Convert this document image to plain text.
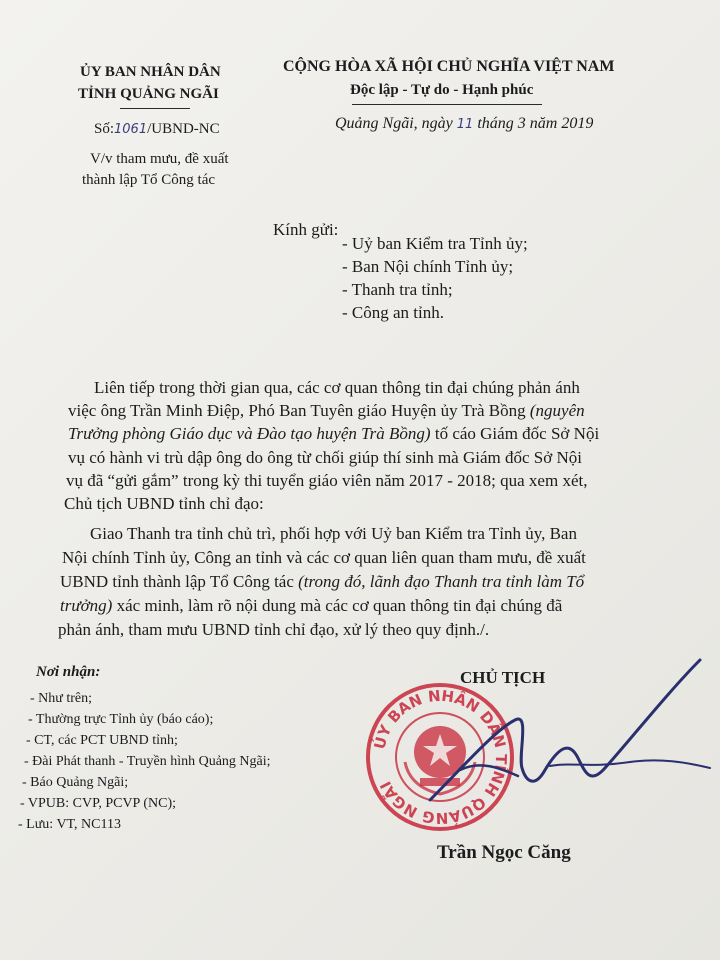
ỦY BAN NHÂN DÂN
TỈNH QUẢNG NGÃI
CỘNG HÒA XÃ HỘI CHỦ NGHĨA VIỆT NAM
Độc lập - Tự do - Hạnh phúc
Số:1061/UBND-NC	Quảng Ngãi, ngày 11 tháng 3 năm 2019
V/v tham mưu, đề xuất
thành lập Tổ Công tác
Kính gửi:
- Uỷ ban Kiểm tra Tỉnh ủy;
- Ban Nội chính Tỉnh ủy;
- Thanh tra tỉnh;
- Công an tỉnh.
Liên tiếp trong thời gian qua, các cơ quan thông tin đại chúng phản ánh
việc ông Trần Minh Điệp, Phó Ban Tuyên giáo Huyện ủy Trà Bồng (nguyên
Trưởng phòng Giáo dục và Đào tạo huyện Trà Bồng) tố cáo Giám đốc Sở Nội
vụ có hành vi trù dập ông do ông từ chối giúp thí sinh mà Giám đốc Sở Nội
vụ đã “gửi gắm” trong kỳ thi tuyển giáo viên năm 2017 - 2018; qua xem xét,
Chủ tịch UBND tỉnh chỉ đạo:
Giao Thanh tra tỉnh chủ trì, phối hợp với Uỷ ban Kiểm tra Tỉnh ủy, Ban
Nội chính Tỉnh ủy, Công an tỉnh và các cơ quan liên quan tham mưu, đề xuất
UBND tỉnh thành lập Tổ Công tác (trong đó, lãnh đạo Thanh tra tỉnh làm Tổ
trưởng) xác minh, làm rõ nội dung mà các cơ quan thông tin đại chúng đã
phản ánh, tham mưu UBND tỉnh chỉ đạo, xử lý theo quy định./.
Nơi nhận:
- Như trên;
- Thường trực Tỉnh ủy (báo cáo);
- CT, các PCT UBND tỉnh;
- Đài Phát thanh - Truyền hình Quảng Ngãi;
- Báo Quảng Ngãi;
- VPUB: CVP, PCVP (NC);
- Lưu: VT, NC113
CHỦ TỊCH
ỦY BAN NHÂN DÂN TỈNH QUẢNG NGÃI
Trần Ngọc Căng
